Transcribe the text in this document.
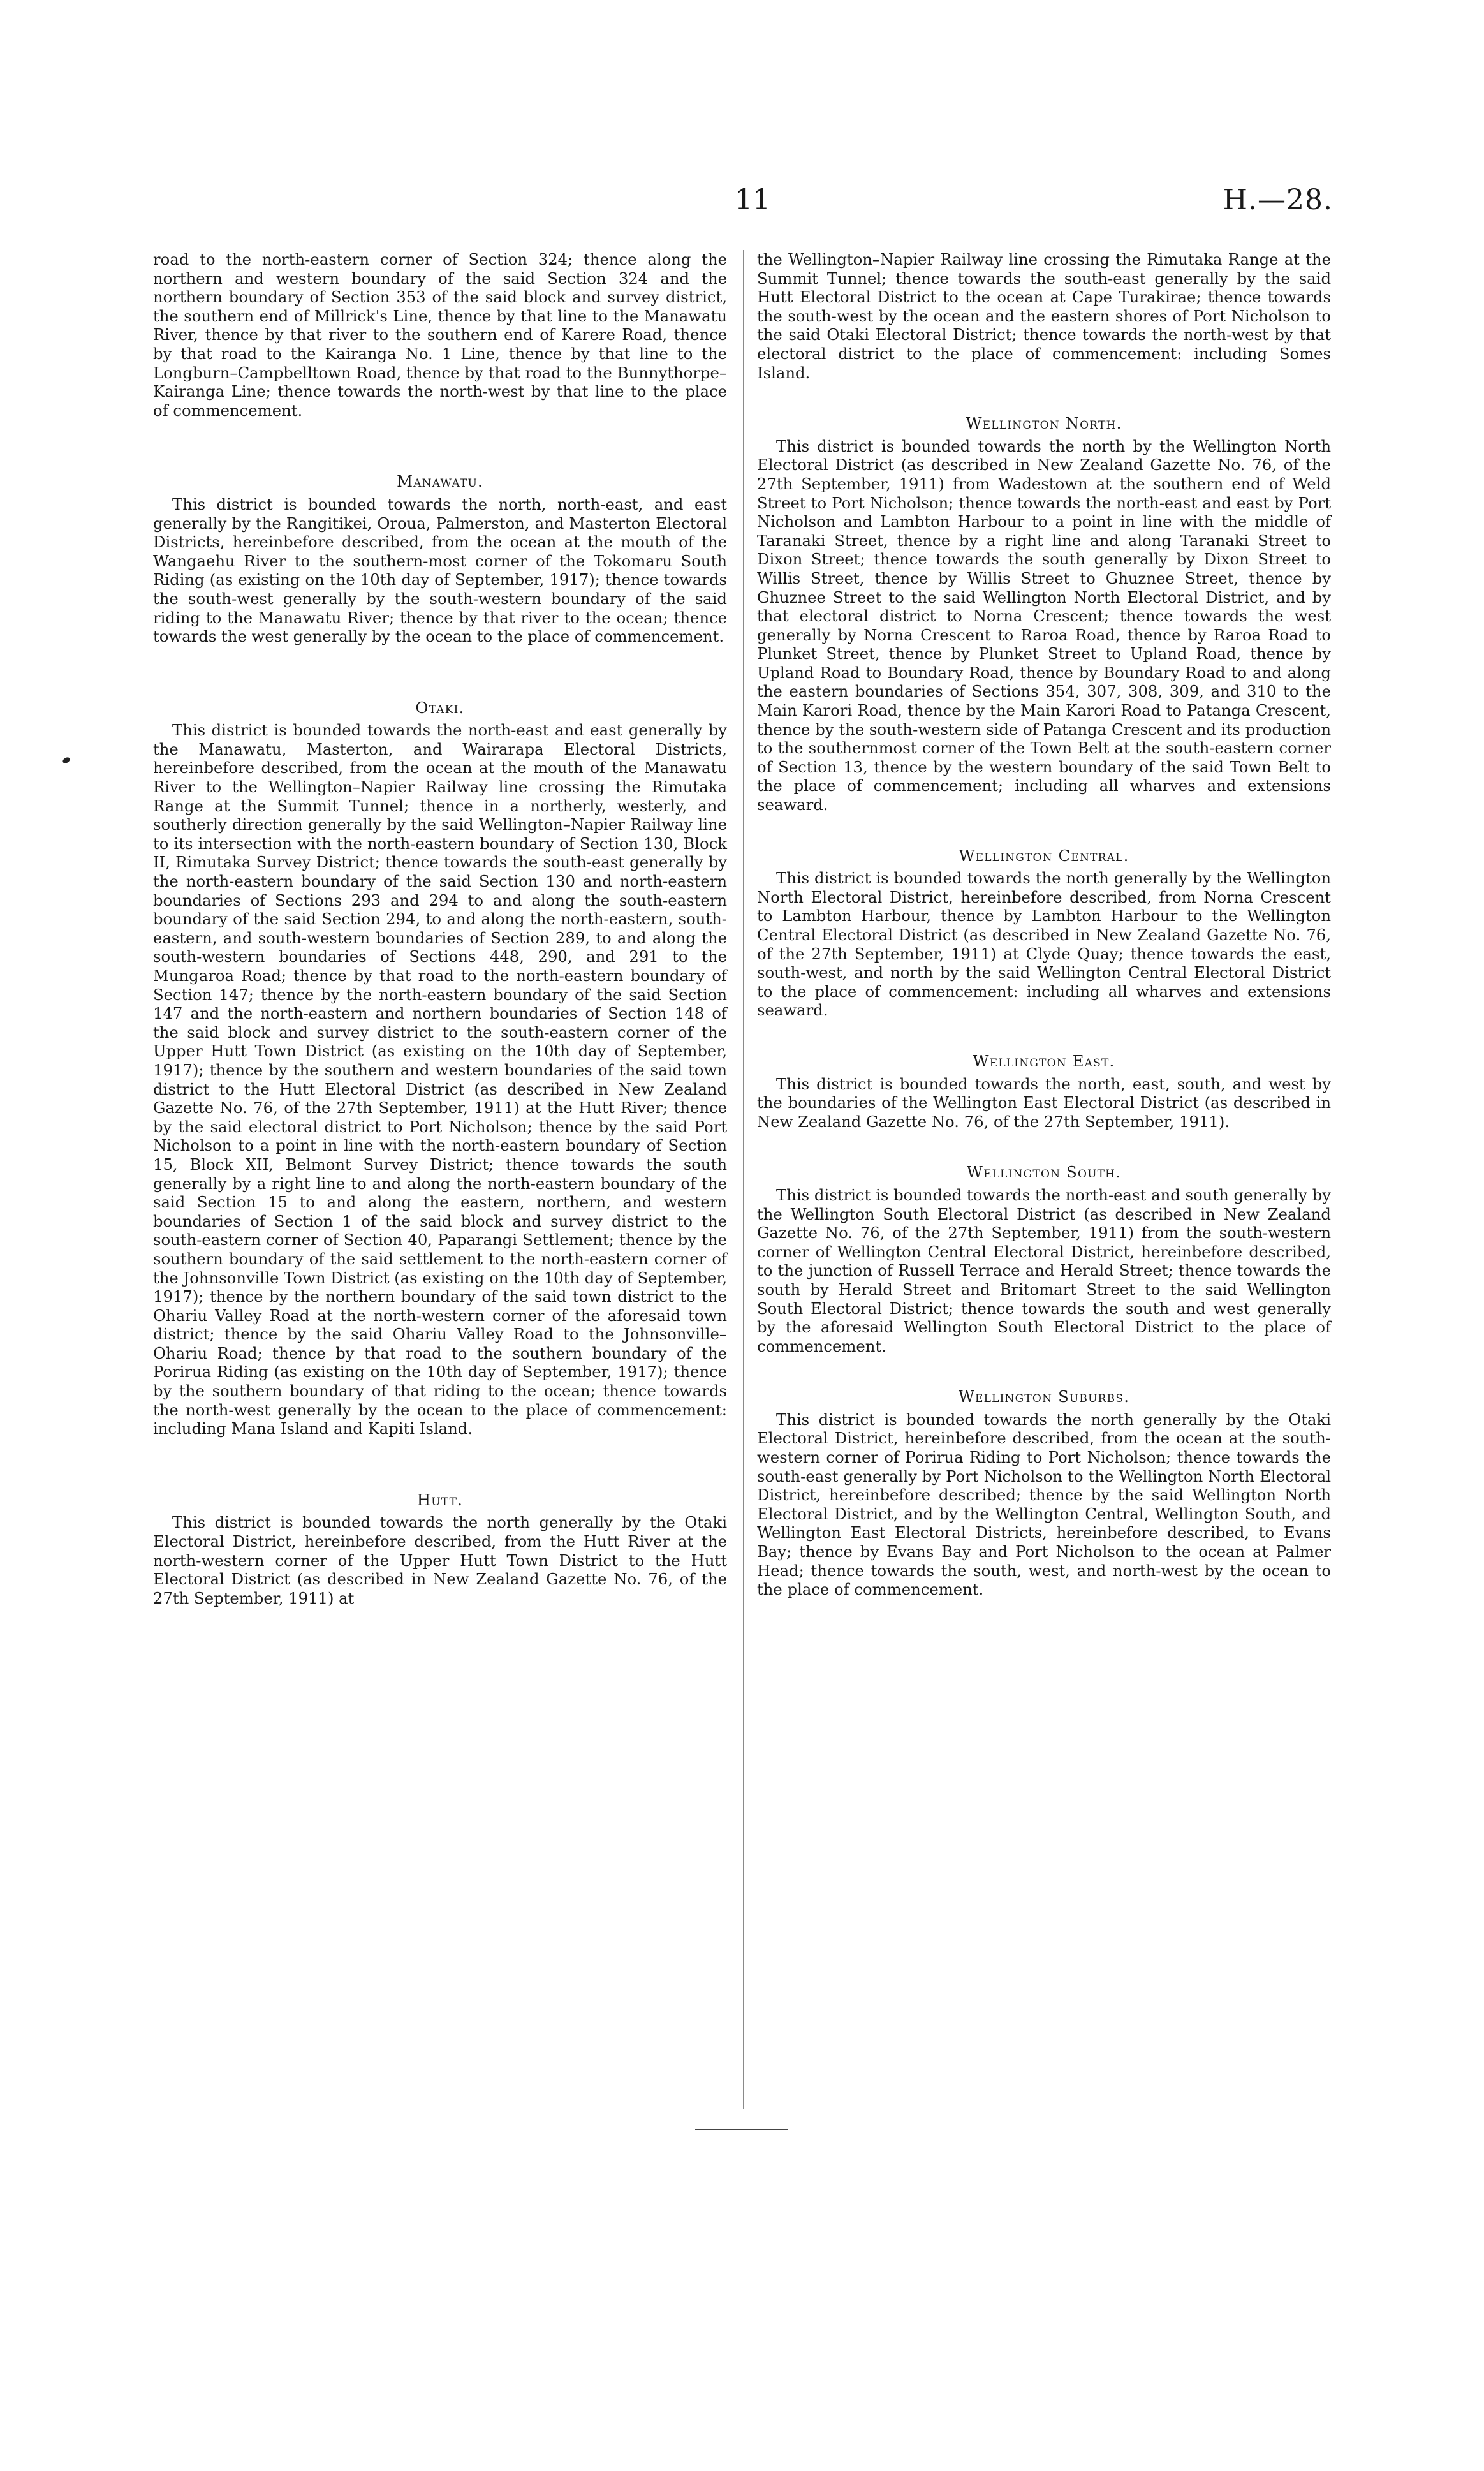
11	H.—28.

road to the north-eastern corner of Section 324; thence along the northern and western boundary of the said Section 324 and the northern boundary of Section 353 of the said block and survey district, the southern end of Millrick's Line, thence by that line to the Manawatu River, thence by that river to the southern end of Karere Road, thence by that road to the Kairanga No. 1 Line, thence by that line to the Longburn–Campbelltown Road, thence by that road to the Bunnythorpe–Kairanga Line; thence towards the north-west by that line to the place of commencement.

Manawatu.

This district is bounded towards the north, north-east, and east generally by the Rangitikei, Oroua, Palmerston, and Masterton Electoral Districts, hereinbefore described, from the ocean at the mouth of the Wangaehu River to the southern-most corner of the Tokomaru South Riding (as existing on the 10th day of September, 1917); thence towards the south-west generally by the south-western boundary of the said riding to the Manawatu River; thence by that river to the ocean; thence towards the west generally by the ocean to the place of commencement.

Otaki.

This district is bounded towards the north-east and east generally by the Manawatu, Masterton, and Wairarapa Electoral Districts, hereinbefore described, from the ocean at the mouth of the Manawatu River to the Wellington–Napier Railway line crossing the Rimutaka Range at the Summit Tunnel; thence in a northerly, westerly, and southerly direction generally by the said Wellington–Napier Railway line to its intersection with the north-eastern boundary of Section 130, Block II, Rimutaka Survey District; thence towards the south-east generally by the north-eastern boundary of the said Section 130 and north-eastern boundaries of Sections 293 and 294 to and along the south-eastern boundary of the said Section 294, to and along the north-eastern, south-eastern, and south-western boundaries of Section 289, to and along the south-western boundaries of Sections 448, 290, and 291 to the Mungaroa Road; thence by that road to the north-eastern boundary of Section 147; thence by the north-eastern boundary of the said Section 147 and the north-eastern and northern boundaries of Section 148 of the said block and survey district to the south-eastern corner of the Upper Hutt Town District (as existing on the 10th day of September, 1917); thence by the southern and western boundaries of the said town district to the Hutt Electoral District (as described in New Zealand Gazette No. 76, of the 27th September, 1911) at the Hutt River; thence by the said electoral district to Port Nicholson; thence by the said Port Nicholson to a point in line with the north-eastern boundary of Section 15, Block XII, Belmont Survey District; thence towards the south generally by a right line to and along the north-eastern boundary of the said Section 15 to and along the eastern, northern, and western boundaries of Section 1 of the said block and survey district to the south-eastern corner of Section 40, Paparangi Settlement; thence by the southern boundary of the said settlement to the north-eastern corner of the Johnsonville Town District (as existing on the 10th day of September, 1917); thence by the northern boundary of the said town district to the Ohariu Valley Road at the north-western corner of the aforesaid town district; thence by the said Ohariu Valley Road to the Johnsonville–Ohariu Road; thence by that road to the southern boundary of the Porirua Riding (as existing on the 10th day of September, 1917); thence by the southern boundary of that riding to the ocean; thence towards the north-west generally by the ocean to the place of commencement: including Mana Island and Kapiti Island.

Hutt.

This district is bounded towards the north generally by the Otaki Electoral District, hereinbefore described, from the Hutt River at the north-western corner of the Upper Hutt Town District to the Hutt Electoral District (as described in New Zealand Gazette No. 76, of the 27th September, 1911) at

the Wellington–Napier Railway line crossing the Rimutaka Range at the Summit Tunnel; thence towards the south-east generally by the said Hutt Electoral District to the ocean at Cape Turakirae; thence towards the south-west by the ocean and the eastern shores of Port Nicholson to the said Otaki Electoral District; thence towards the north-west by that electoral district to the place of commencement: including Somes Island.

Wellington North.

This district is bounded towards the north by the Wellington North Electoral District (as described in New Zealand Gazette No. 76, of the 27th September, 1911) from Wadestown at the southern end of Weld Street to Port Nicholson; thence towards the north-east and east by Port Nicholson and Lambton Harbour to a point in line with the middle of Taranaki Street, thence by a right line and along Taranaki Street to Dixon Street; thence towards the south generally by Dixon Street to Willis Street, thence by Willis Street to Ghuznee Street, thence by Ghuznee Street to the said Wellington North Electoral District, and by that electoral district to Norna Crescent; thence towards the west generally by Norna Crescent to Raroa Road, thence by Raroa Road to Plunket Street, thence by Plunket Street to Upland Road, thence by Upland Road to Boundary Road, thence by Boundary Road to and along the eastern boundaries of Sections 354, 307, 308, 309, and 310 to the Main Karori Road, thence by the Main Karori Road to Patanga Crescent, thence by the south-western side of Patanga Crescent and its production to the southernmost corner of the Town Belt at the south-eastern corner of Section 13, thence by the western boundary of the said Town Belt to the place of commencement; including all wharves and extensions seaward.

Wellington Central.

This district is bounded towards the north generally by the Wellington North Electoral District, hereinbefore described, from Norna Crescent to Lambton Harbour, thence by Lambton Harbour to the Wellington Central Electoral District (as described in New Zealand Gazette No. 76, of the 27th September, 1911) at Clyde Quay; thence towards the east, south-west, and north by the said Wellington Central Electoral District to the place of commencement: including all wharves and extensions seaward.

Wellington East.

This district is bounded towards the north, east, south, and west by the boundaries of the Wellington East Electoral District (as described in New Zealand Gazette No. 76, of the 27th September, 1911).

Wellington South.

This district is bounded towards the north-east and south generally by the Wellington South Electoral District (as described in New Zealand Gazette No. 76, of the 27th September, 1911) from the south-western corner of Wellington Central Electoral District, hereinbefore described, to the junction of Russell Terrace and Herald Street; thence towards the south by Herald Street and Britomart Street to the said Wellington South Electoral District; thence towards the south and west generally by the aforesaid Wellington South Electoral District to the place of commencement.

Wellington Suburbs.

This district is bounded towards the north generally by the Otaki Electoral District, hereinbefore described, from the ocean at the south-western corner of Porirua Riding to Port Nicholson; thence towards the south-east generally by Port Nicholson to the Wellington North Electoral District, hereinbefore described; thence by the said Wellington North Electoral District, and by the Wellington Central, Wellington South, and Wellington East Electoral Districts, hereinbefore described, to Evans Bay; thence by Evans Bay and Port Nicholson to the ocean at Palmer Head; thence towards the south, west, and north-west by the ocean to the place of commencement.
